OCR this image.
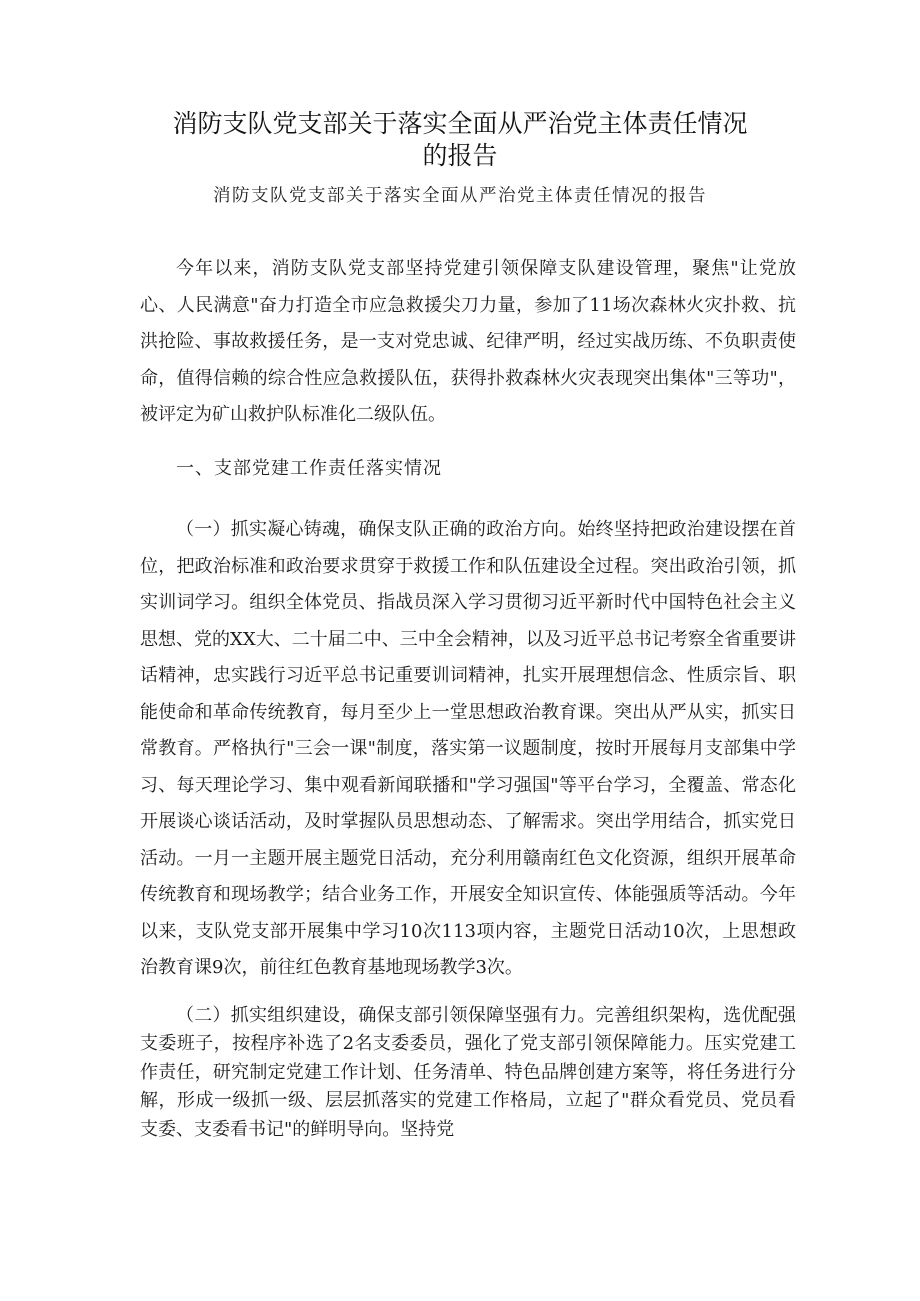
消防支队党支部关于落实全面从严治党主体责任情况
的报告
消防支队党支部关于落实全面从严治党主体责任情况的报告

今年以来，消防支队党支部坚持党建引领保障支队建设管理，聚焦"让党放心、人民满意"奋力打造全市应急救援尖刀力量，参加了11场次森林火灾扑救、抗洪抢险、事故救援任务，是一支对党忠诚、纪律严明，经过实战历练、不负职责使命，值得信赖的综合性应急救援队伍，获得扑救森林火灾表现突出集体"三等功"，被评定为矿山救护队标准化二级队伍。

一、支部党建工作责任落实情况

（一）抓实凝心铸魂，确保支队正确的政治方向。始终坚持把政治建设摆在首位，把政治标准和政治要求贯穿于救援工作和队伍建设全过程。突出政治引领，抓实训词学习。组织全体党员、指战员深入学习贯彻习近平新时代中国特色社会主义思想、党的XX大、二十届二中、三中全会精神，以及习近平总书记考察全省重要讲话精神，忠实践行习近平总书记重要训词精神，扎实开展理想信念、性质宗旨、职能使命和革命传统教育，每月至少上一堂思想政治教育课。突出从严从实，抓实日常教育。严格执行"三会一课"制度，落实第一议题制度，按时开展每月支部集中学习、每天理论学习、集中观看新闻联播和"学习强国"等平台学习，全覆盖、常态化开展谈心谈话活动，及时掌握队员思想动态、了解需求。突出学用结合，抓实党日活动。一月一主题开展主题党日活动，充分利用赣南红色文化资源，组织开展革命传统教育和现场教学；结合业务工作，开展安全知识宣传、体能强质等活动。今年以来，支队党支部开展集中学习10次113项内容，主题党日活动10次，上思想政治教育课9次，前往红色教育基地现场教学3次。

（二）抓实组织建设，确保支部引领保障坚强有力。完善组织架构，选优配强支委班子，按程序补选了2名支委委员，强化了党支部引领保障能力。压实党建工作责任，研究制定党建工作计划、任务清单、特色品牌创建方案等，将任务进行分解，形成一级抓一级、层层抓落实的党建工作格局，立起了"群众看党员、党员看支委、支委看书记"的鲜明导向。坚持党
